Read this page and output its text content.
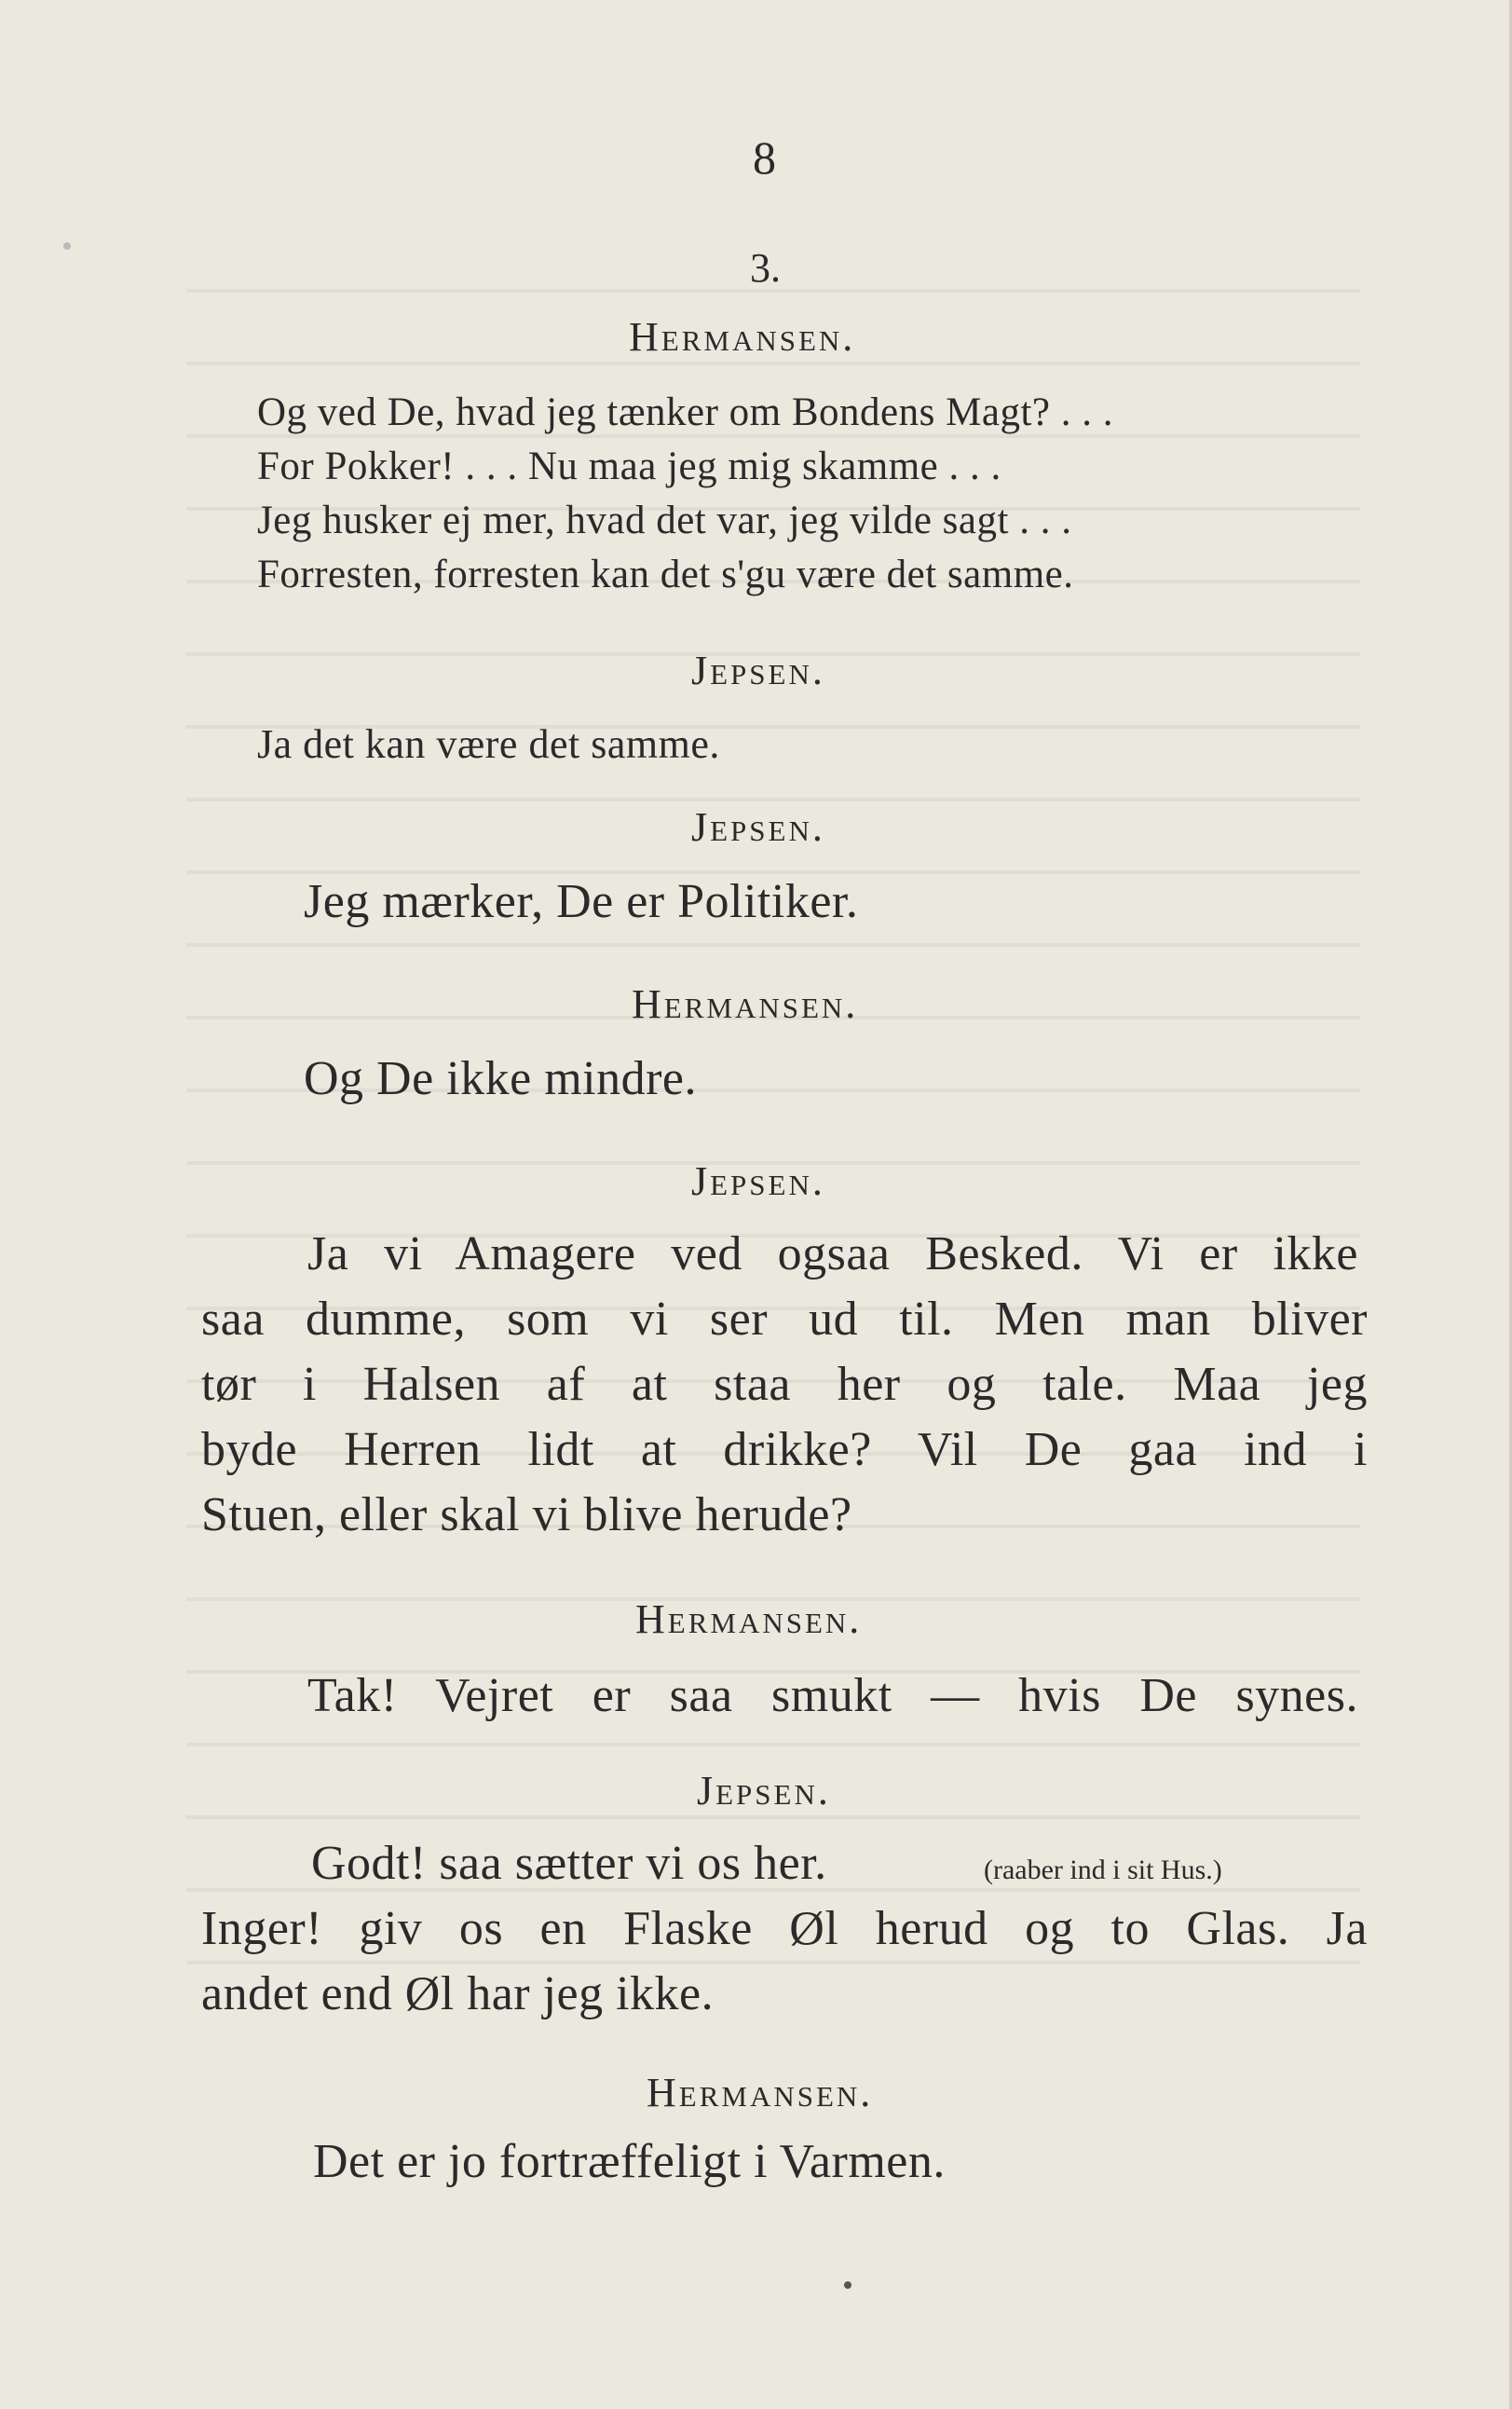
8
3.
Hermansen.
Og ved De, hvad jeg tænker om Bondens Magt? . . .
For Pokker! . . . Nu maa jeg mig skamme . . .
Jeg husker ej mer, hvad det var, jeg vilde sagt . . .
Forresten, forresten kan det s'gu være det samme.
Jepsen.
Ja det kan være det samme.
Jepsen.
Jeg mærker, De er Politiker.
Hermansen.
Og De ikke mindre.
Jepsen.
Ja vi Amagere ved ogsaa Besked. Vi er ikke
saa dumme, som vi ser ud til. Men man bliver
tør i Halsen af at staa her og tale. Maa jeg
byde Herren lidt at drikke? Vil De gaa ind i
Stuen, eller skal vi blive herude?
Hermansen.
Tak! Vejret er saa smukt — hvis De synes.
Jepsen.
Godt! saa sætter vi os her.	(raaber ind i sit Hus.)
Inger! giv os en Flaske Øl herud og to Glas. Ja
andet end Øl har jeg ikke.
Hermansen.
Det er jo fortræffeligt i Varmen.
